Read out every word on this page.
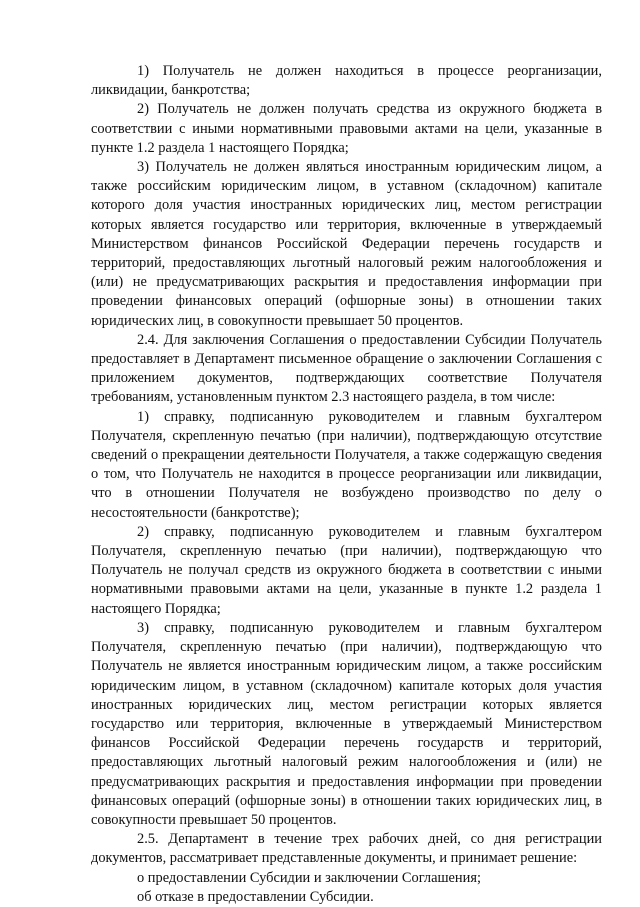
1) Получатель не должен находиться в процессе реорганизации, ликвидации, банкротства;

2) Получатель не должен получать средства из окружного бюджета в соответствии с иными нормативными правовыми актами на цели, указанные в пункте 1.2 раздела 1 настоящего Порядка;

3) Получатель не должен являться иностранным юридическим лицом, а также российским юридическим лицом, в уставном (складочном) капитале которого доля участия иностранных юридических лиц, местом регистрации которых является государство или территория, включенные в утверждаемый Министерством финансов Российской Федерации перечень государств и территорий, предоставляющих льготный налоговый режим налогообложения и (или) не предусматривающих раскрытия и предоставления информации при проведении финансовых операций (офшорные зоны) в отношении таких юридических лиц, в совокупности превышает 50 процентов.

2.4. Для заключения Соглашения о предоставлении Субсидии Получатель предоставляет в Департамент письменное обращение о заключении Соглашения с приложением документов, подтверждающих соответствие Получателя требованиям, установленным пунктом 2.3 настоящего раздела, в том числе:

1) справку, подписанную руководителем и главным бухгалтером Получателя, скрепленную печатью (при наличии), подтверждающую отсутствие сведений о прекращении деятельности Получателя, а также содержащую сведения о том, что Получатель не находится в процессе реорганизации или ликвидации, что в отношении Получателя не возбуждено производство по делу о несостоятельности (банкротстве);

2) справку, подписанную руководителем и главным бухгалтером Получателя, скрепленную печатью (при наличии), подтверждающую что Получатель не получал средств из окружного бюджета в соответствии с иными нормативными правовыми актами на цели, указанные в пункте 1.2 раздела 1 настоящего Порядка;

3) справку, подписанную руководителем и главным бухгалтером Получателя, скрепленную печатью (при наличии), подтверждающую что Получатель не является иностранным юридическим лицом, а также российским юридическим лицом, в уставном (складочном) капитале которых доля участия иностранных юридических лиц, местом регистрации которых является государство или территория, включенные в утверждаемый Министерством финансов Российской Федерации перечень государств и территорий, предоставляющих льготный налоговый режим налогообложения и (или) не предусматривающих раскрытия и предоставления информации при проведении финансовых операций (офшорные зоны) в отношении таких юридических лиц, в совокупности превышает 50 процентов.

2.5. Департамент в течение трех рабочих дней, со дня регистрации документов, рассматривает представленные документы, и принимает решение:

о предоставлении Субсидии и заключении Соглашения;

об отказе в предоставлении Субсидии.
